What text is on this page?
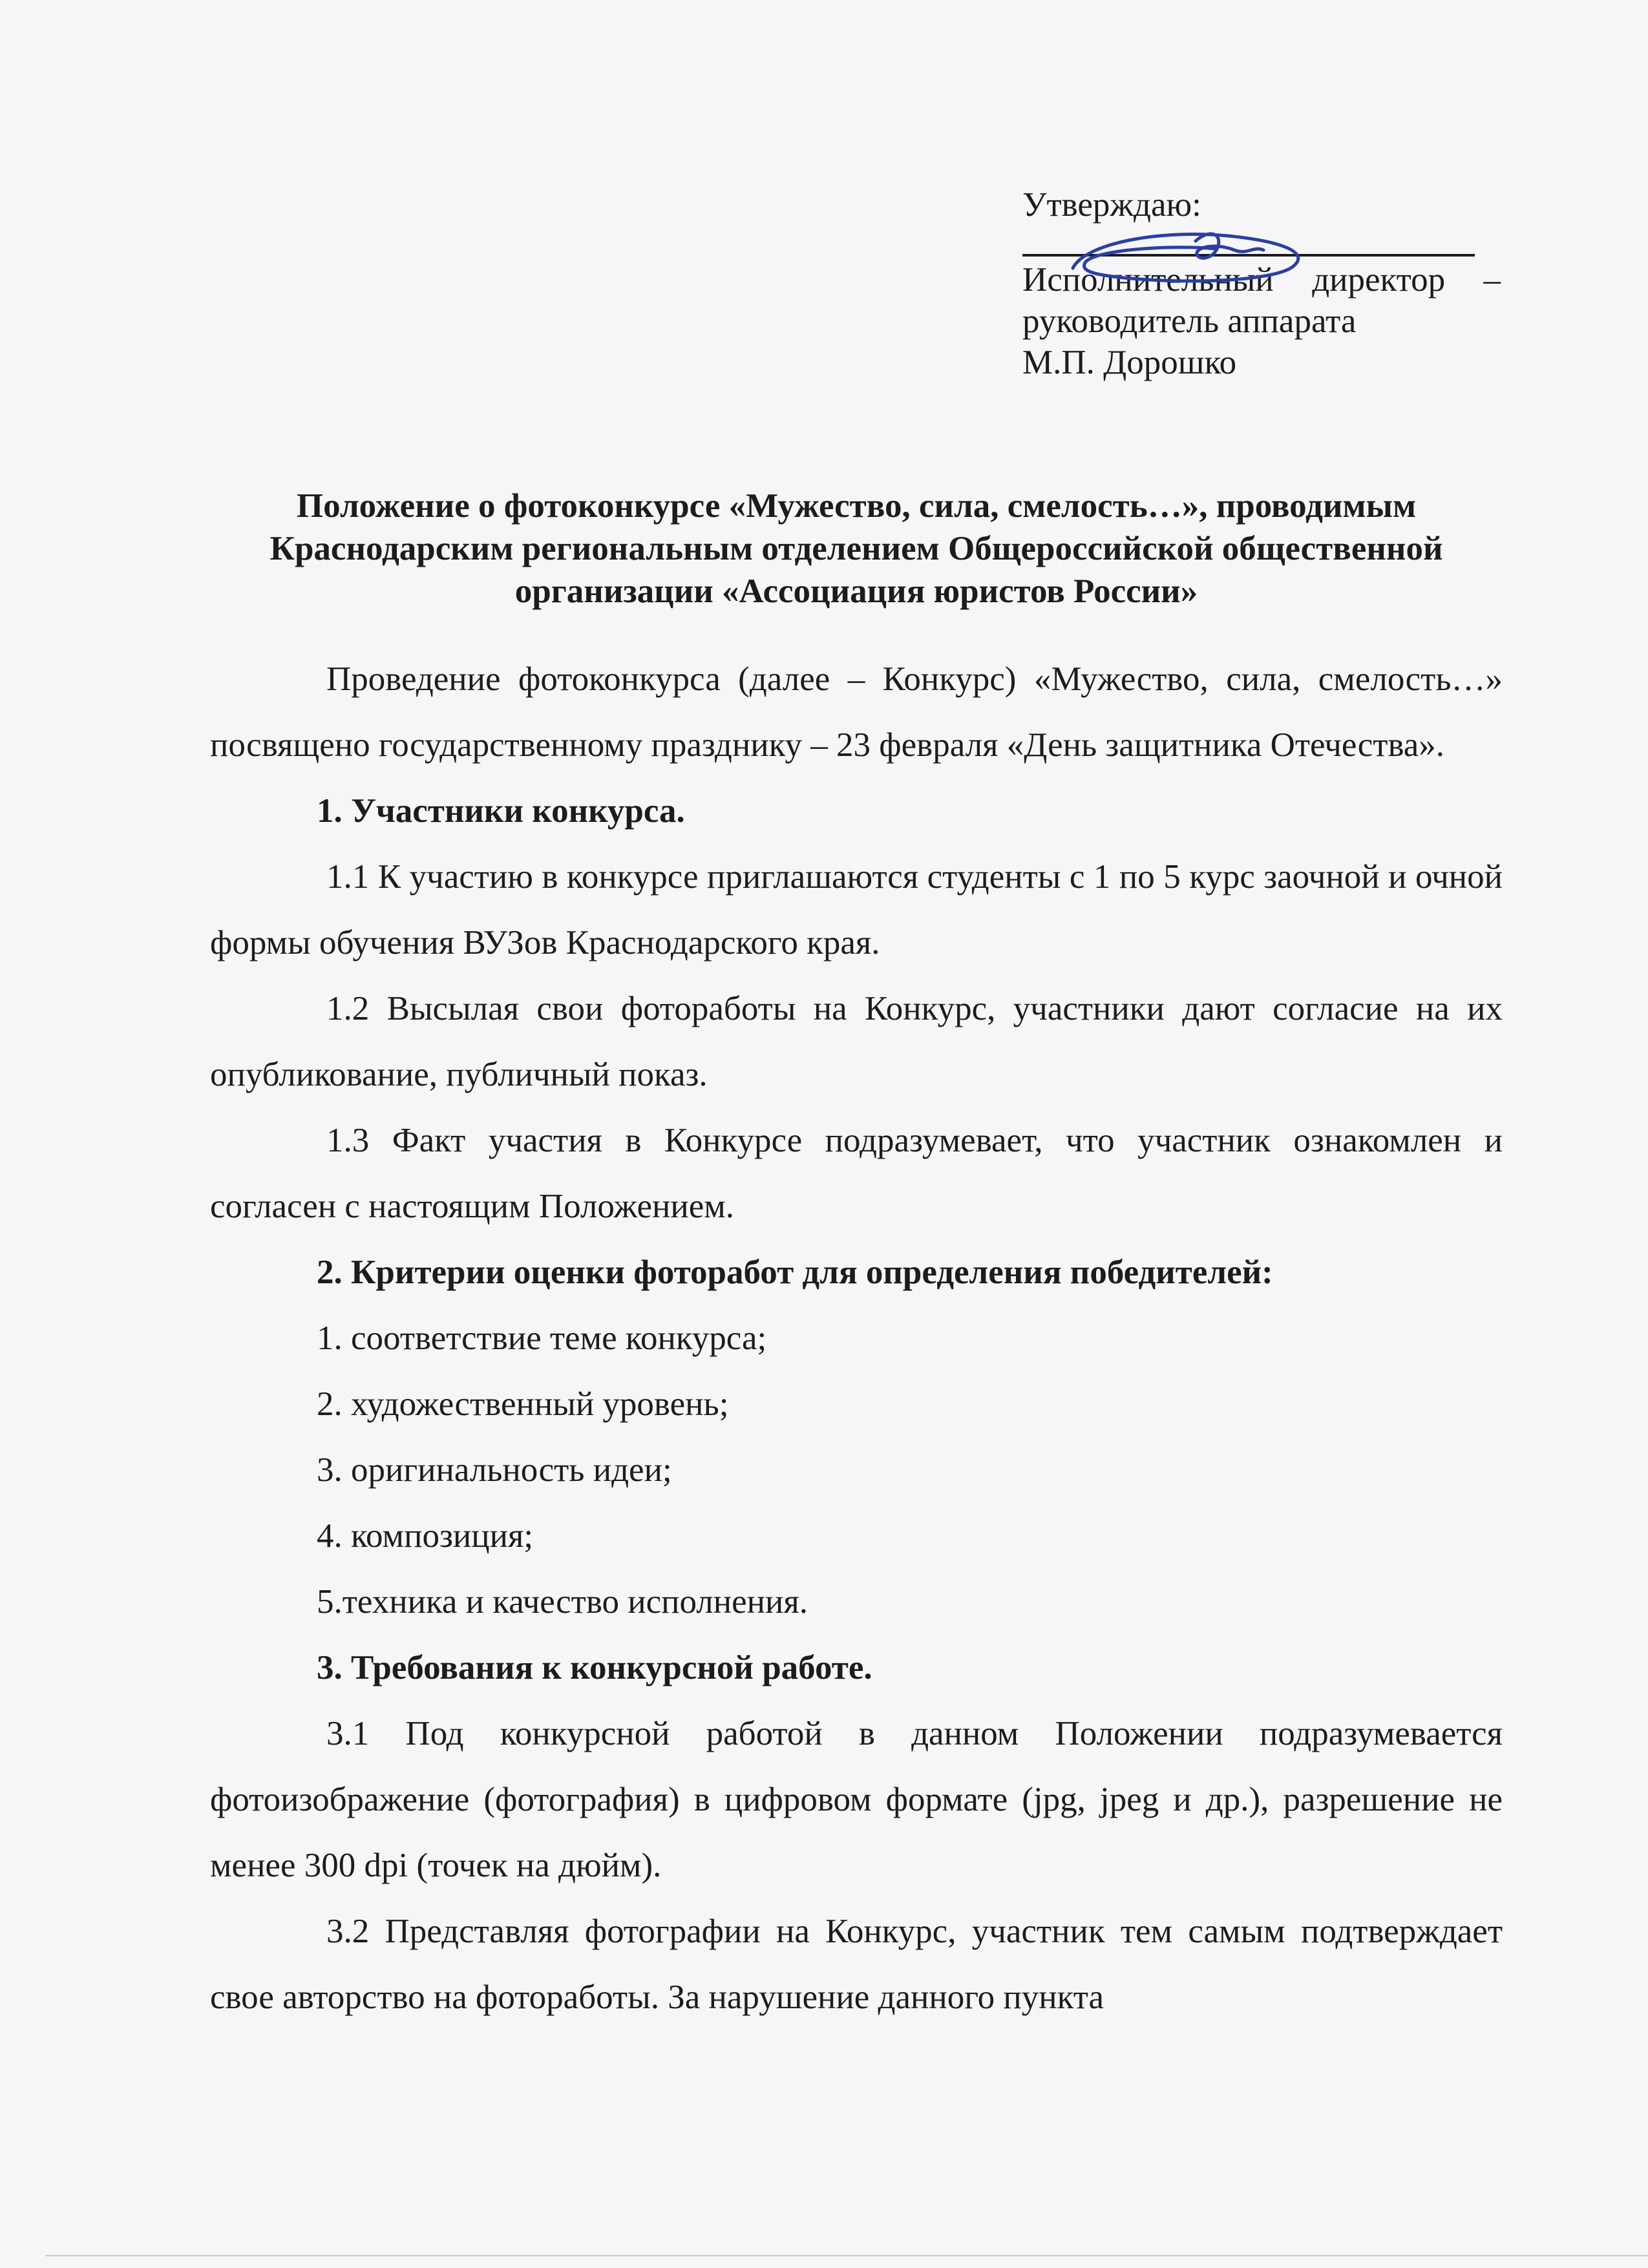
Утверждаю:
Исполнительный директор – руководитель аппарата
М.П. Дорошко
Положение о фотоконкурсе «Мужество, сила, смелость…», проводимым Краснодарским региональным отделением Общероссийской общественной организации «Ассоциация юристов России»

Проведение фотоконкурса (далее – Конкурс) «Мужество, сила, смелость…» посвящено государственному празднику – 23 февраля «День защитника Отечества».

1. Участники конкурса.

1.1 К участию в конкурсе приглашаются студенты с 1 по 5 курс заочной и очной формы обучения ВУЗов Краснодарского края.

1.2 Высылая свои фотоработы на Конкурс, участники дают согласие на их опубликование, публичный показ.

1.3 Факт участия в Конкурсе подразумевает, что участник ознакомлен и согласен с настоящим Положением.

2. Критерии оценки фоторабот для определения победителей:

1. соответствие теме конкурса;

2. художественный уровень;

3. оригинальность идеи;

4. композиция;

5.техника и качество исполнения.

3. Требования к конкурсной работе.

3.1 Под конкурсной работой в данном Положении подразумевается фотоизображение (фотография) в цифровом формате (jpg, jpeg и др.), разрешение не менее 300 dpi (точек на дюйм).

3.2 Представляя фотографии на Конкурс, участник тем самым подтверждает свое авторство на фотоработы. За нарушение данного пункта
